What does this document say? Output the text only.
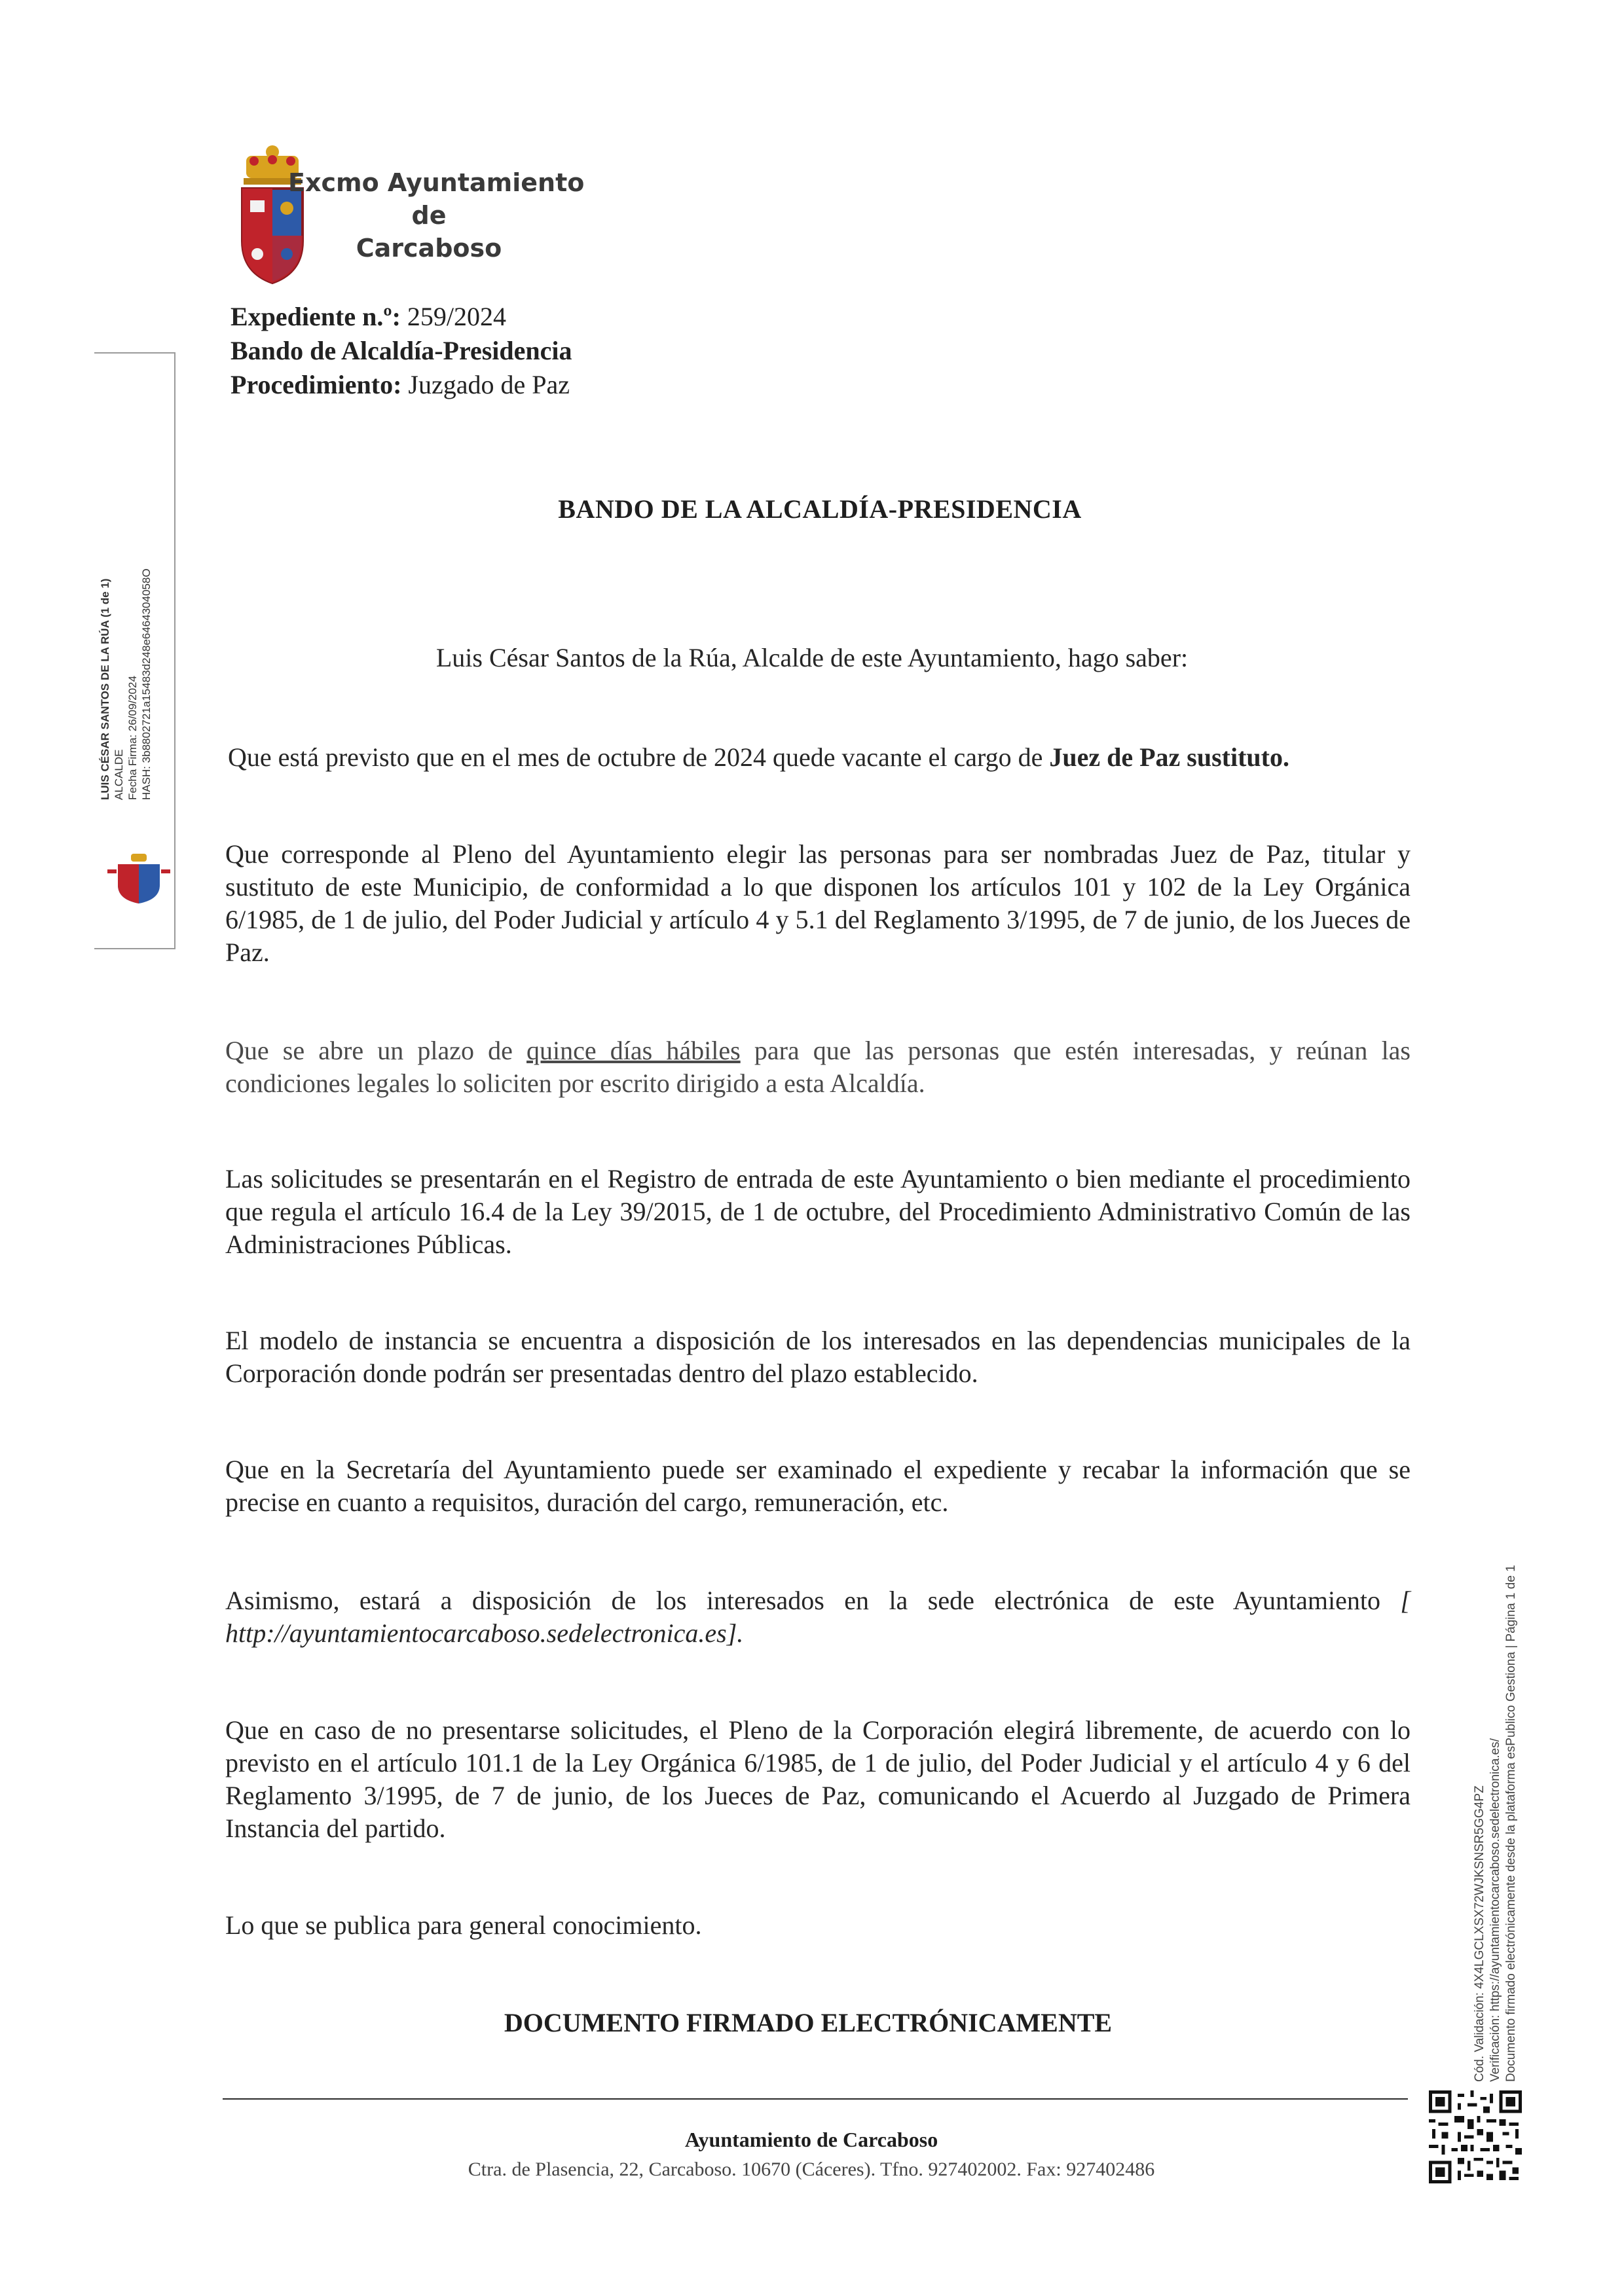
Excmo Ayuntamiento
de
Carcaboso
Expediente n.º: 259/2024
Bando de Alcaldía-Presidencia
Procedimiento: Juzgado de Paz
LUIS CÉSAR SANTOS DE LA RÚA (1 de 1) ALCALDE Fecha Firma: 26/09/2024 HASH: 3b8802721a15483d248e6464304058O
BANDO DE LA ALCALDÍA-PRESIDENCIA
Luis César Santos de la Rúa, Alcalde de este Ayuntamiento, hago saber:
Que está previsto que en el mes de octubre de 2024 quede vacante el cargo de Juez de Paz sustituto.
Que corresponde al Pleno del Ayuntamiento elegir las personas para ser nombradas Juez de Paz, titular y sustituto de este Municipio, de conformidad a lo que disponen los artículos 101 y 102 de la Ley Orgánica 6/1985, de 1 de julio, del Poder Judicial y artículo 4 y 5.1 del Reglamento 3/1995, de 7 de junio, de los Jueces de Paz.
Que se abre un plazo de quince días hábiles para que las personas que estén interesadas, y reúnan las condiciones legales lo soliciten por escrito dirigido a esta Alcaldía.
Las solicitudes se presentarán en el Registro de entrada de este Ayuntamiento o bien mediante el procedimiento que regula el artículo 16.4 de la Ley 39/2015, de 1 de octubre, del Procedimiento Administrativo Común de las Administraciones Públicas.
El modelo de instancia se encuentra a disposición de los interesados en las dependencias municipales de la Corporación donde podrán ser presentadas dentro del plazo establecido.
Que en la Secretaría del Ayuntamiento puede ser examinado el expediente y recabar la información que se precise en cuanto a requisitos, duración del cargo, remuneración, etc.
Asimismo, estará a disposición de los interesados en la sede electrónica de este Ayuntamiento [ http://ayuntamientocarcaboso.sedelectronica.es].
Que en caso de no presentarse solicitudes, el Pleno de la Corporación elegirá libremente, de acuerdo con lo previsto en el artículo 101.1 de la Ley Orgánica 6/1985, de 1 de julio, del Poder Judicial y el artículo 4 y 6 del Reglamento 3/1995, de 7 de junio, de los Jueces de Paz, comunicando el Acuerdo al Juzgado de Primera Instancia del partido.
Lo que se publica para general conocimiento.
DOCUMENTO FIRMADO ELECTRÓNICAMENTE
Ayuntamiento de Carcaboso
Ctra. de Plasencia, 22, Carcaboso. 10670 (Cáceres). Tfno. 927402002. Fax: 927402486
Cód. Validación: 4X4LGCLXSX72WJKSNSR5GG4PZ Verificación: https://ayuntamientocarcaboso.sedelectronica.es/ Documento firmado electrónicamente desde la plataforma esPublico Gestiona | Página 1 de 1
